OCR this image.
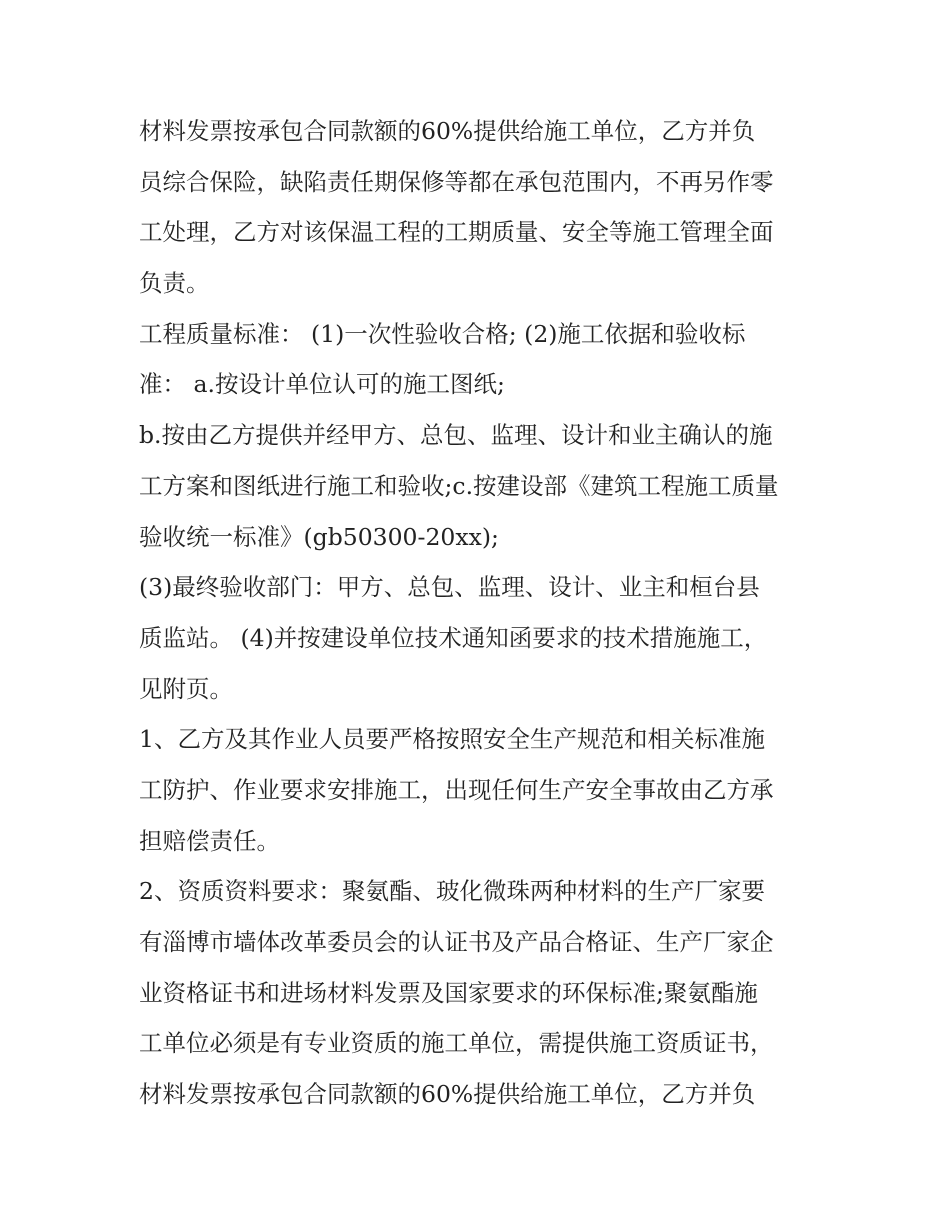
材料发票按承包合同款额的60%提供给施工单位，乙方并负
员综合保险，缺陷责任期保修等都在承包范围内，不再另作零
工处理，乙方对该保温工程的工期质量、安全等施工管理全面
负责。
工程质量标准： (1)一次性验收合格; (2)施工依据和验收标
准： a.按设计单位认可的施工图纸;
b.按由乙方提供并经甲方、总包、监理、设计和业主确认的施
工方案和图纸进行施工和验收;c.按建设部《建筑工程施工质量
验收统一标准》(gb50300-20xx);
(3)最终验收部门：甲方、总包、监理、设计、业主和桓台县
质监站。 (4)并按建设单位技术通知函要求的技术措施施工，
见附页。
1、乙方及其作业人员要严格按照安全生产规范和相关标准施
工防护、作业要求安排施工，出现任何生产安全事故由乙方承
担赔偿责任。
2、资质资料要求：聚氨酯、玻化微珠两种材料的生产厂家要
有淄博市墙体改革委员会的认证书及产品合格证、生产厂家企
业资格证书和进场材料发票及国家要求的环保标准;聚氨酯施
工单位必须是有专业资质的施工单位，需提供施工资质证书，
材料发票按承包合同款额的60%提供给施工单位，乙方并负
